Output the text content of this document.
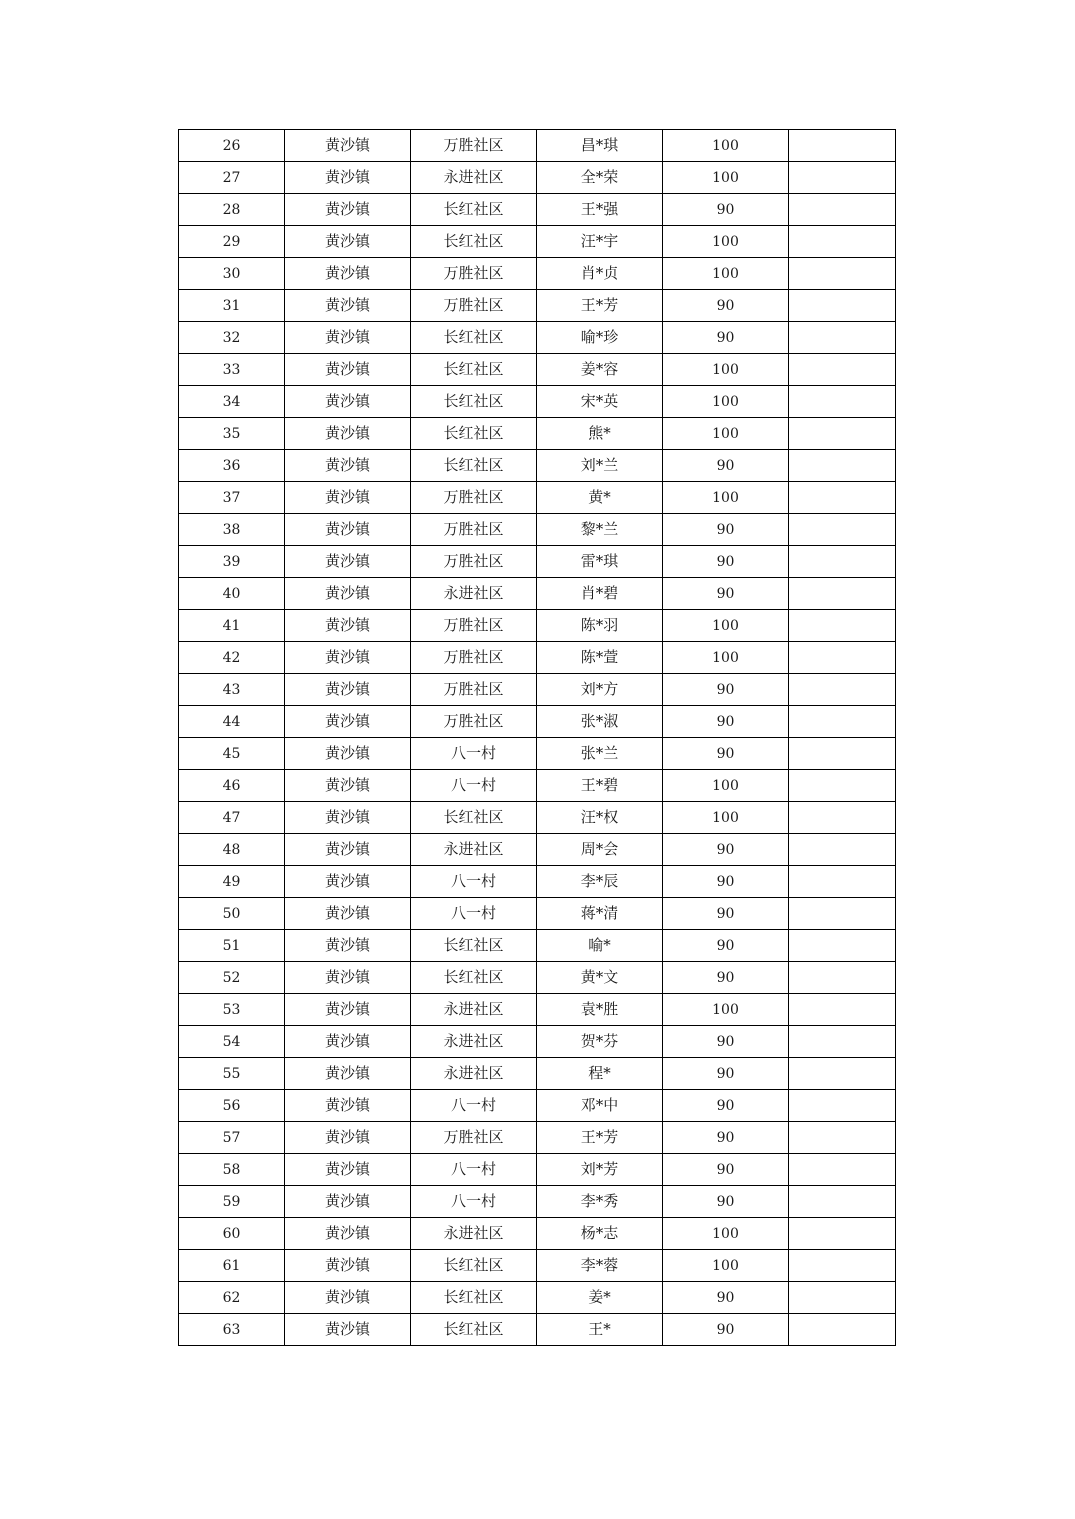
26	黄沙镇	万胜社区	昌*琪	100	
27	黄沙镇	永进社区	全*荣	100	
28	黄沙镇	长红社区	王*强	90	
29	黄沙镇	长红社区	汪*宇	100	
30	黄沙镇	万胜社区	肖*贞	100	
31	黄沙镇	万胜社区	王*芳	90	
32	黄沙镇	长红社区	喻*珍	90	
33	黄沙镇	长红社区	姜*容	100	
34	黄沙镇	长红社区	宋*英	100	
35	黄沙镇	长红社区	熊*	100	
36	黄沙镇	长红社区	刘*兰	90	
37	黄沙镇	万胜社区	黄*	100	
38	黄沙镇	万胜社区	黎*兰	90	
39	黄沙镇	万胜社区	雷*琪	90	
40	黄沙镇	永进社区	肖*碧	90	
41	黄沙镇	万胜社区	陈*羽	100	
42	黄沙镇	万胜社区	陈*萱	100	
43	黄沙镇	万胜社区	刘*方	90	
44	黄沙镇	万胜社区	张*淑	90	
45	黄沙镇	八一村	张*兰	90	
46	黄沙镇	八一村	王*碧	100	
47	黄沙镇	长红社区	汪*权	100	
48	黄沙镇	永进社区	周*会	90	
49	黄沙镇	八一村	李*辰	90	
50	黄沙镇	八一村	蒋*清	90	
51	黄沙镇	长红社区	喻*	90	
52	黄沙镇	长红社区	黄*文	90	
53	黄沙镇	永进社区	袁*胜	100	
54	黄沙镇	永进社区	贺*芬	90	
55	黄沙镇	永进社区	程*	90	
56	黄沙镇	八一村	邓*中	90	
57	黄沙镇	万胜社区	王*芳	90	
58	黄沙镇	八一村	刘*芳	90	
59	黄沙镇	八一村	李*秀	90	
60	黄沙镇	永进社区	杨*志	100	
61	黄沙镇	长红社区	李*蓉	100	
62	黄沙镇	长红社区	姜*	90	
63	黄沙镇	长红社区	王*	90	
